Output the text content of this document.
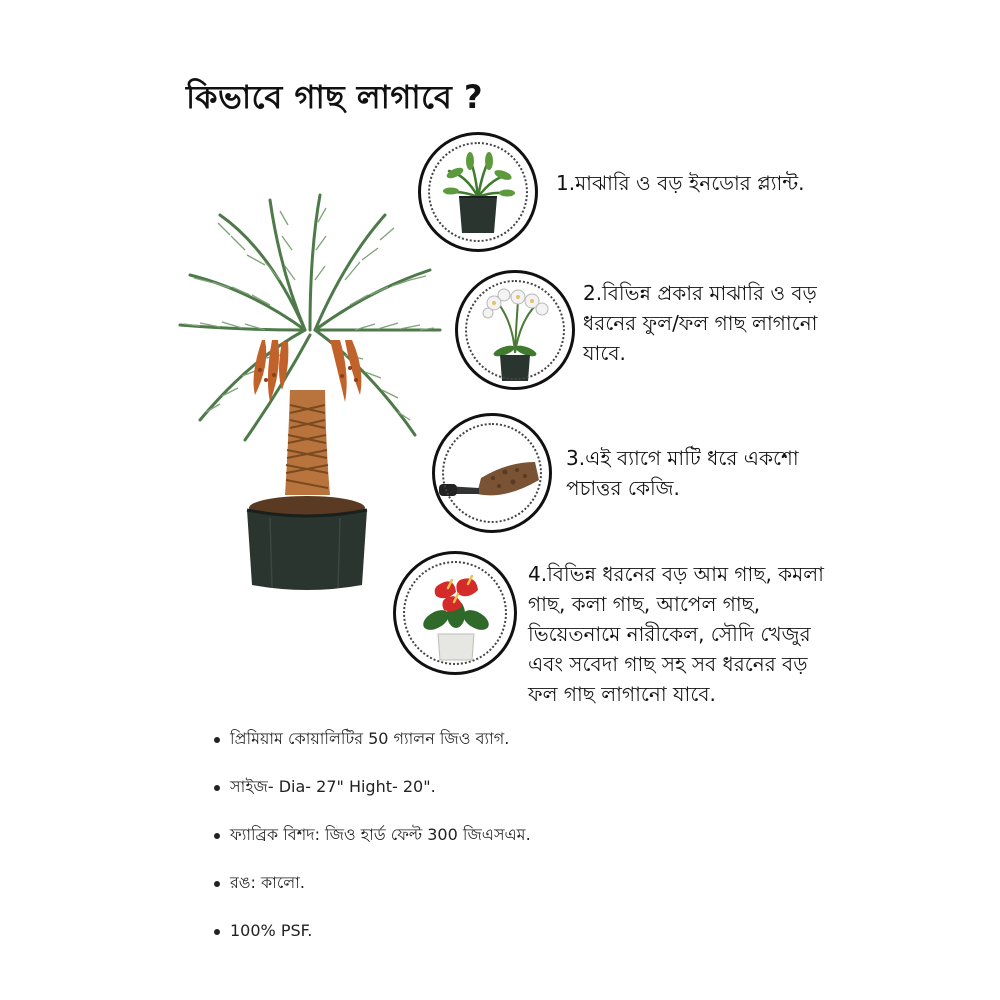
কিভাবে গাছ লাগাবে ?
1.মাঝারি ও বড় ইনডোর প্ল্যান্ট.
2.বিভিন্ন প্রকার মাঝারি ও বড় ধরনের ফুল/ফল গাছ লাগানো যাবে.
3.এই ব্যাগে মাটি ধরে একশো পচাত্তর কেজি.
4.বিভিন্ন ধরনের বড় আম গাছ, কমলা গাছ, কলা গাছ, আপেল গাছ, ভিয়েতনামে নারীকেল, সৌদি খেজুর এবং সবেদা গাছ সহ সব ধরনের বড় ফল গাছ লাগানো যাবে.
প্রিমিয়াম কোয়ালিটির 50 গ্যালন জিও ব্যাগ.
সাইজ- Dia- 27" Hight- 20".
ফ্যাব্রিক বিশদ: জিও হার্ড ফেল্ট 300 জিএসএম.
রঙ: কালো.
100% PSF.
